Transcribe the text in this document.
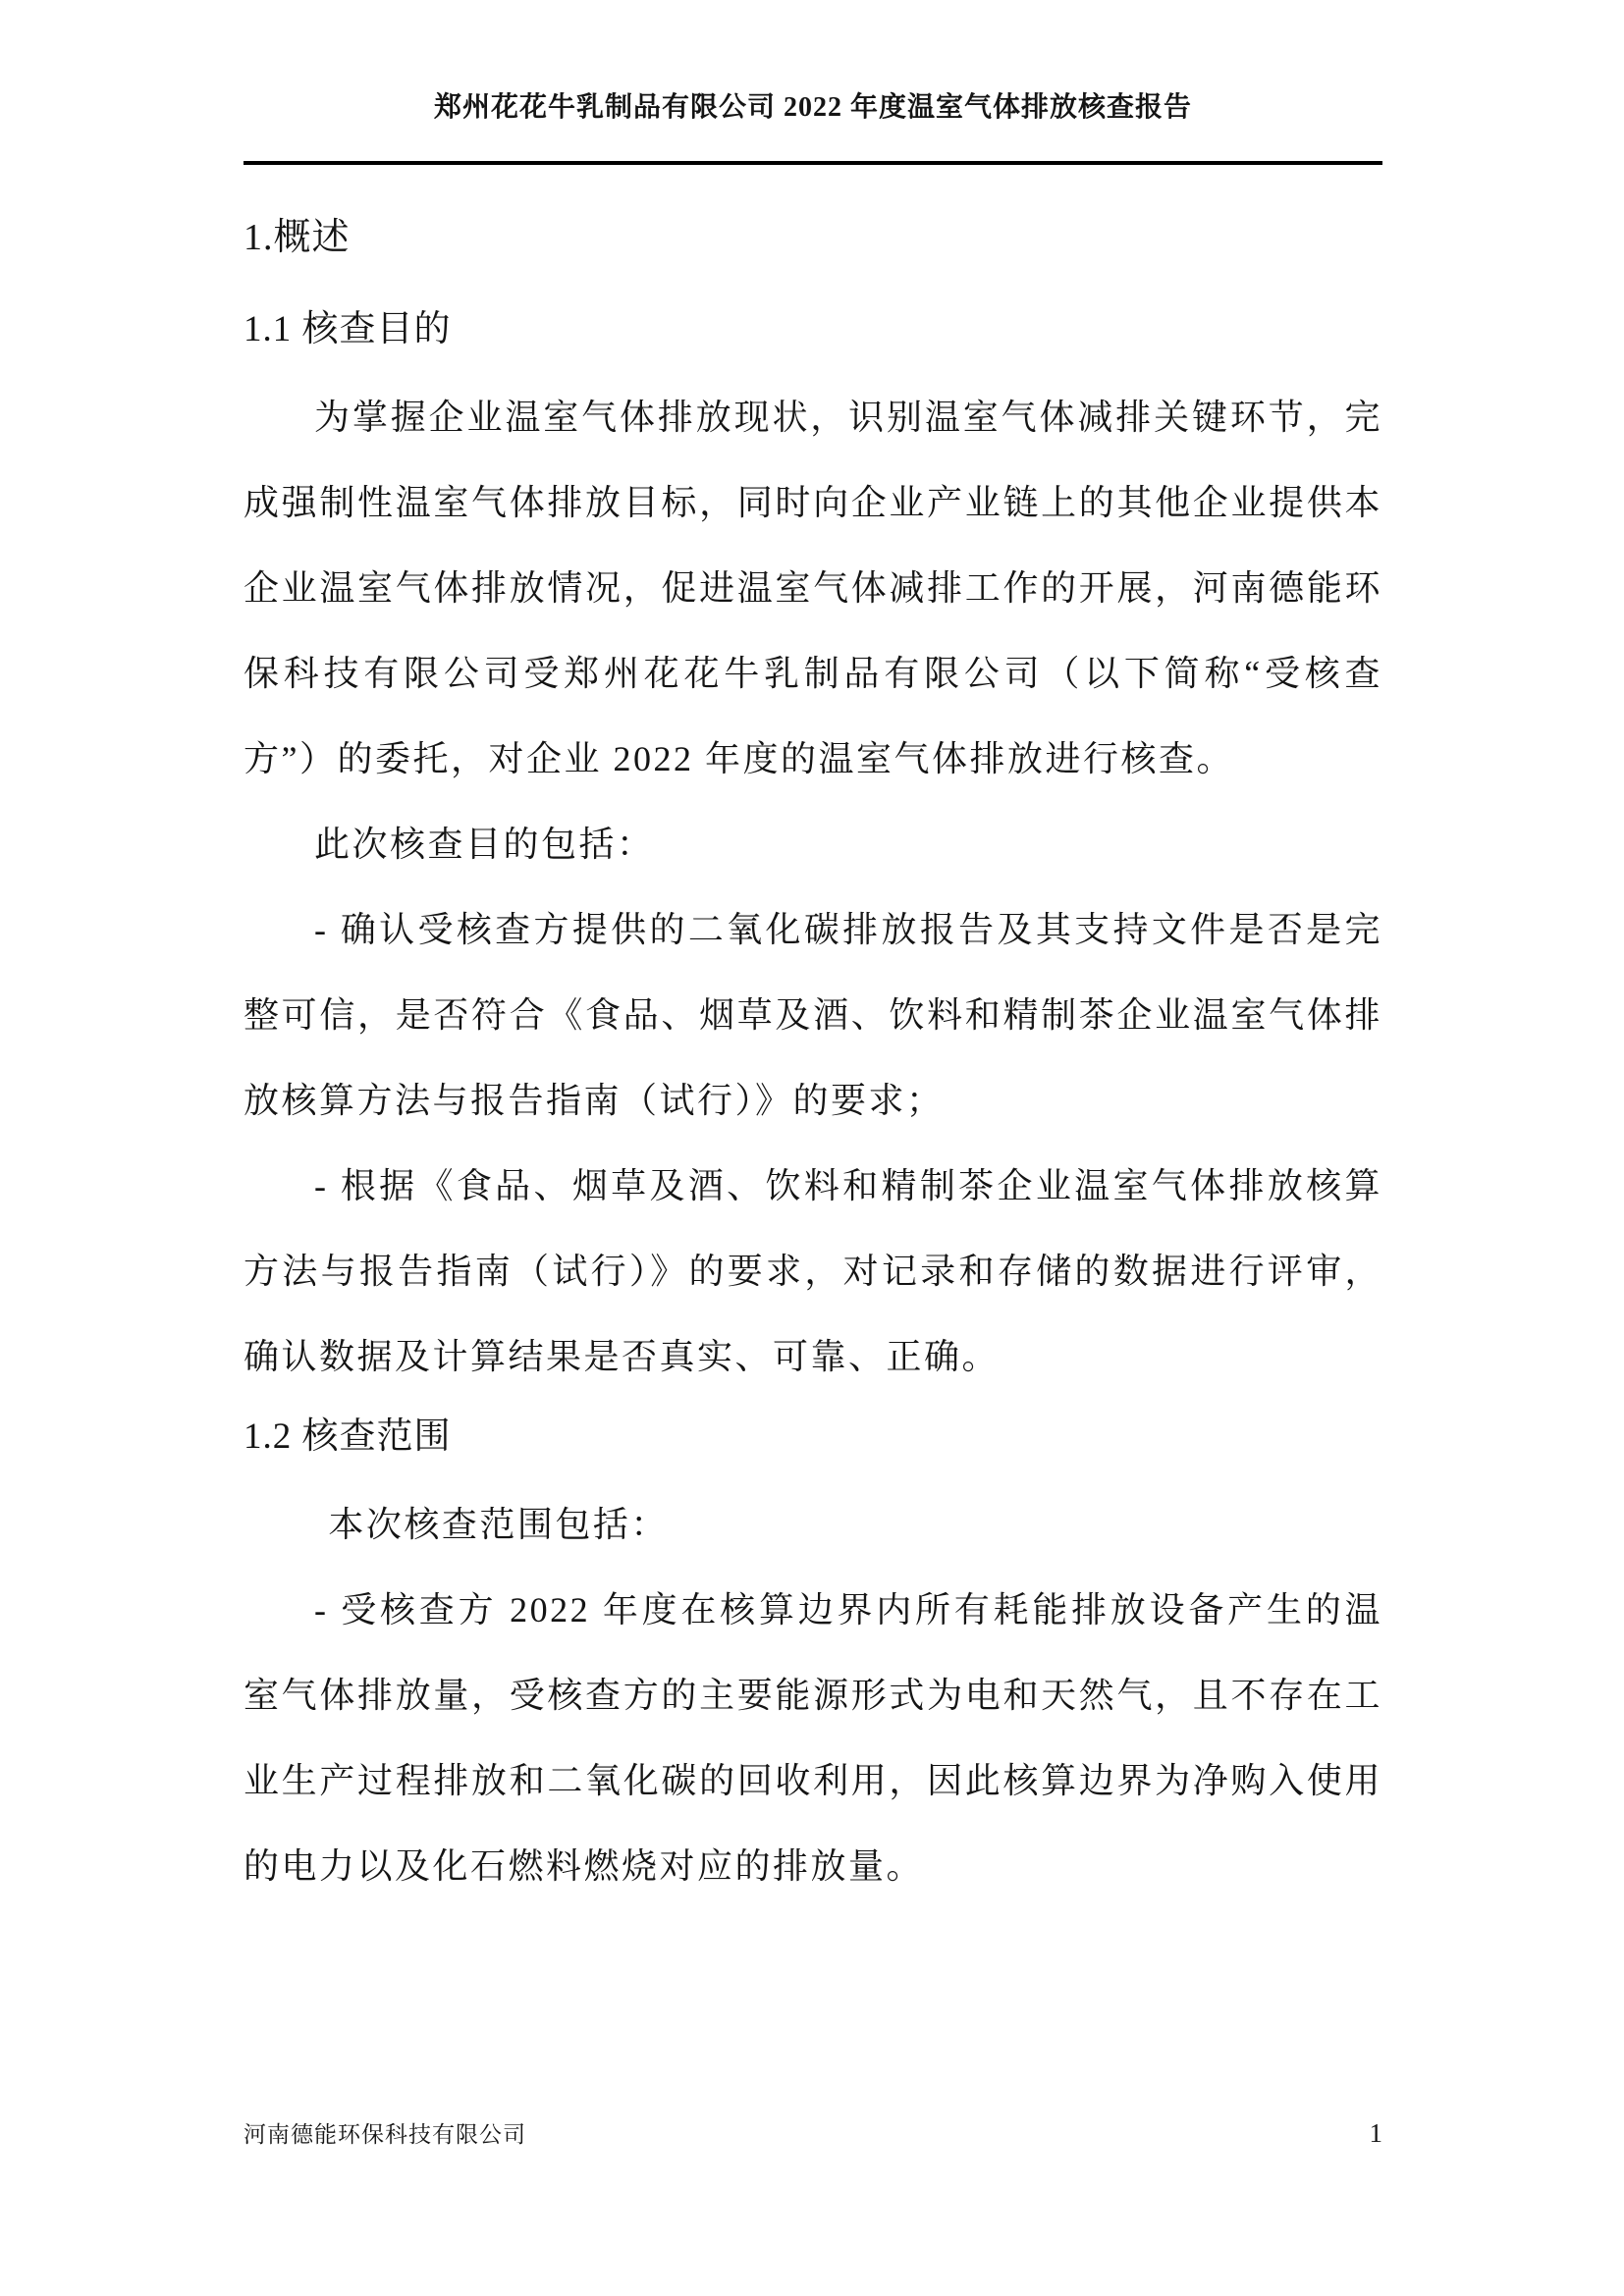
郑州花花牛乳制品有限公司 2022 年度温室气体排放核查报告
1.概述
1.1 核查目的

为掌握企业温室气体排放现状，识别温室气体减排关键环节，完成强制性温室气体排放目标，同时向企业产业链上的其他企业提供本企业温室气体排放情况，促进温室气体减排工作的开展，河南德能环保科技有限公司受郑州花花牛乳制品有限公司（以下简称“受核查方”）的委托，对企业 2022 年度的温室气体排放进行核查。

此次核查目的包括：

- 确认受核查方提供的二氧化碳排放报告及其支持文件是否是完整可信，是否符合《食品、烟草及酒、饮料和精制茶企业温室气体排放核算方法与报告指南（试行）》的要求；

- 根据《食品、烟草及酒、饮料和精制茶企业温室气体排放核算方法与报告指南（试行）》的要求，对记录和存储的数据进行评审，确认数据及计算结果是否真实、可靠、正确。

1.2 核查范围

本次核查范围包括：

- 受核查方 2022 年度在核算边界内所有耗能排放设备产生的温室气体排放量，受核查方的主要能源形式为电和天然气，且不存在工业生产过程排放和二氧化碳的回收利用，因此核算边界为净购入使用的电力以及化石燃料燃烧对应的排放量。

河南德能环保科技有限公司	1
